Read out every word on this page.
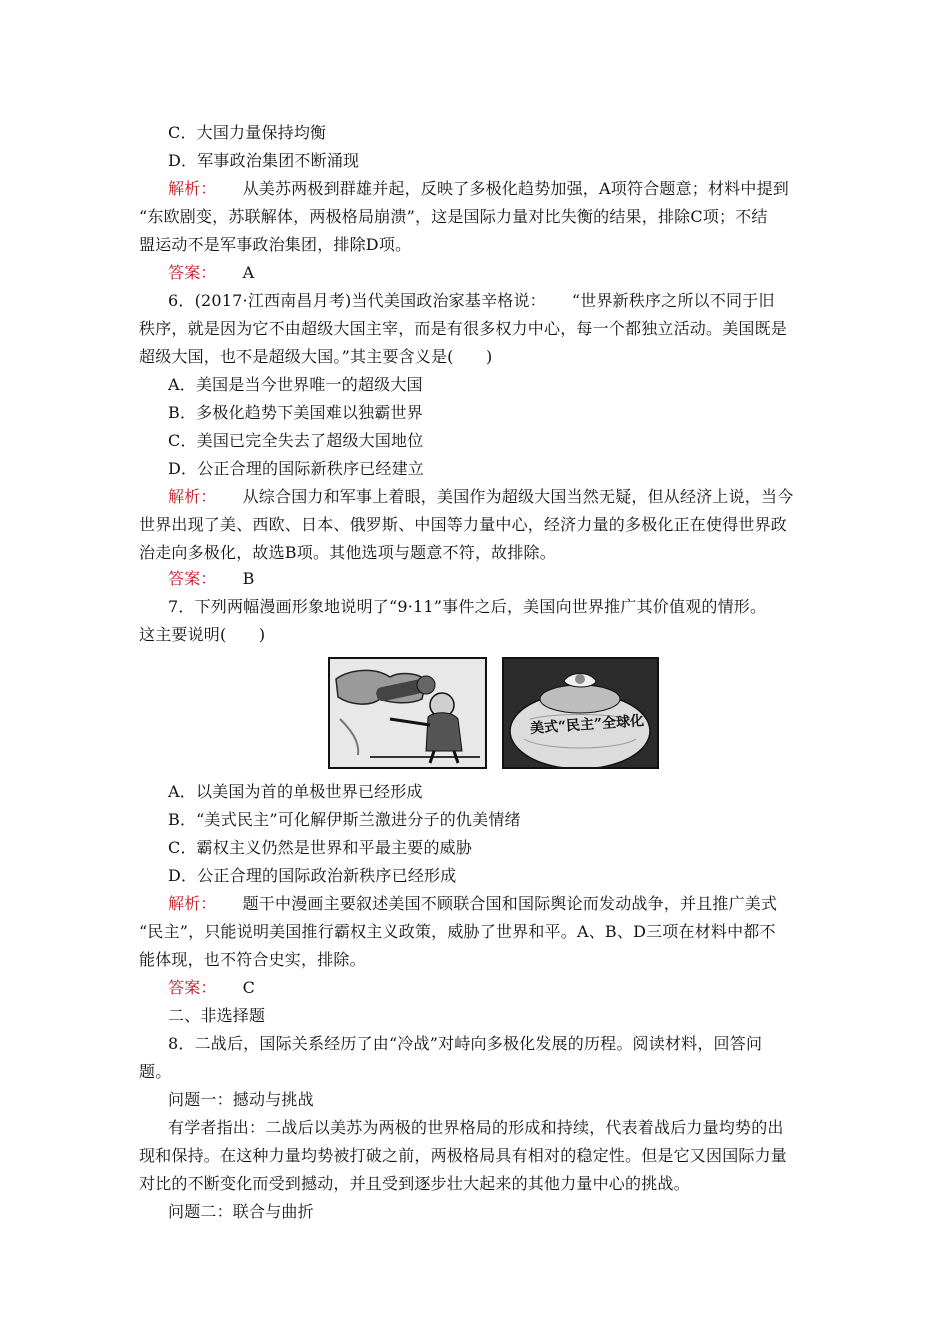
C．大国力量保持均衡
D．军事政治集团不断涌现
解析： 从美苏两极到群雄并起，反映了多极化趋势加强，A项符合题意；材料中提到
“东欧剧变，苏联解体，两极格局崩溃”，这是国际力量对比失衡的结果，排除C项；不结
盟运动不是军事政治集团，排除D项。
答案： A
6．(2017·江西南昌月考)当代美国政治家基辛格说： “世界新秩序之所以不同于旧
秩序，就是因为它不由超级大国主宰，而是有很多权力中心，每一个都独立活动。美国既是
超级大国，也不是超级大国。”其主要含义是(　　)
A．美国是当今世界唯一的超级大国
B．多极化趋势下美国难以独霸世界
C．美国已完全失去了超级大国地位
D．公正合理的国际新秩序已经建立
解析： 从综合国力和军事上着眼，美国作为超级大国当然无疑，但从经济上说，当今
世界出现了美、西欧、日本、俄罗斯、中国等力量中心，经济力量的多极化正在使得世界政
治走向多极化，故选B项。其他选项与题意不符，故排除。
答案： B
7．下列两幅漫画形象地说明了“9·11”事件之后，美国向世界推广其价值观的情形。
这主要说明(　　)
美式“民主”全球化
A．以美国为首的单极世界已经形成
B．“美式民主”可化解伊斯兰激进分子的仇美情绪
C．霸权主义仍然是世界和平最主要的威胁
D．公正合理的国际政治新秩序已经形成
解析： 题干中漫画主要叙述美国不顾联合国和国际舆论而发动战争，并且推广美式
“民主”，只能说明美国推行霸权主义政策，威胁了世界和平。A、B、D三项在材料中都不
能体现，也不符合史实，排除。
答案： C
二、非选择题
8．二战后，国际关系经历了由“冷战”对峙向多极化发展的历程。阅读材料，回答问
题。
问题一：撼动与挑战
有学者指出：二战后以美苏为两极的世界格局的形成和持续，代表着战后力量均势的出
现和保持。在这种力量均势被打破之前，两极格局具有相对的稳定性。但是它又因国际力量
对比的不断变化而受到撼动，并且受到逐步壮大起来的其他力量中心的挑战。
问题二：联合与曲折
